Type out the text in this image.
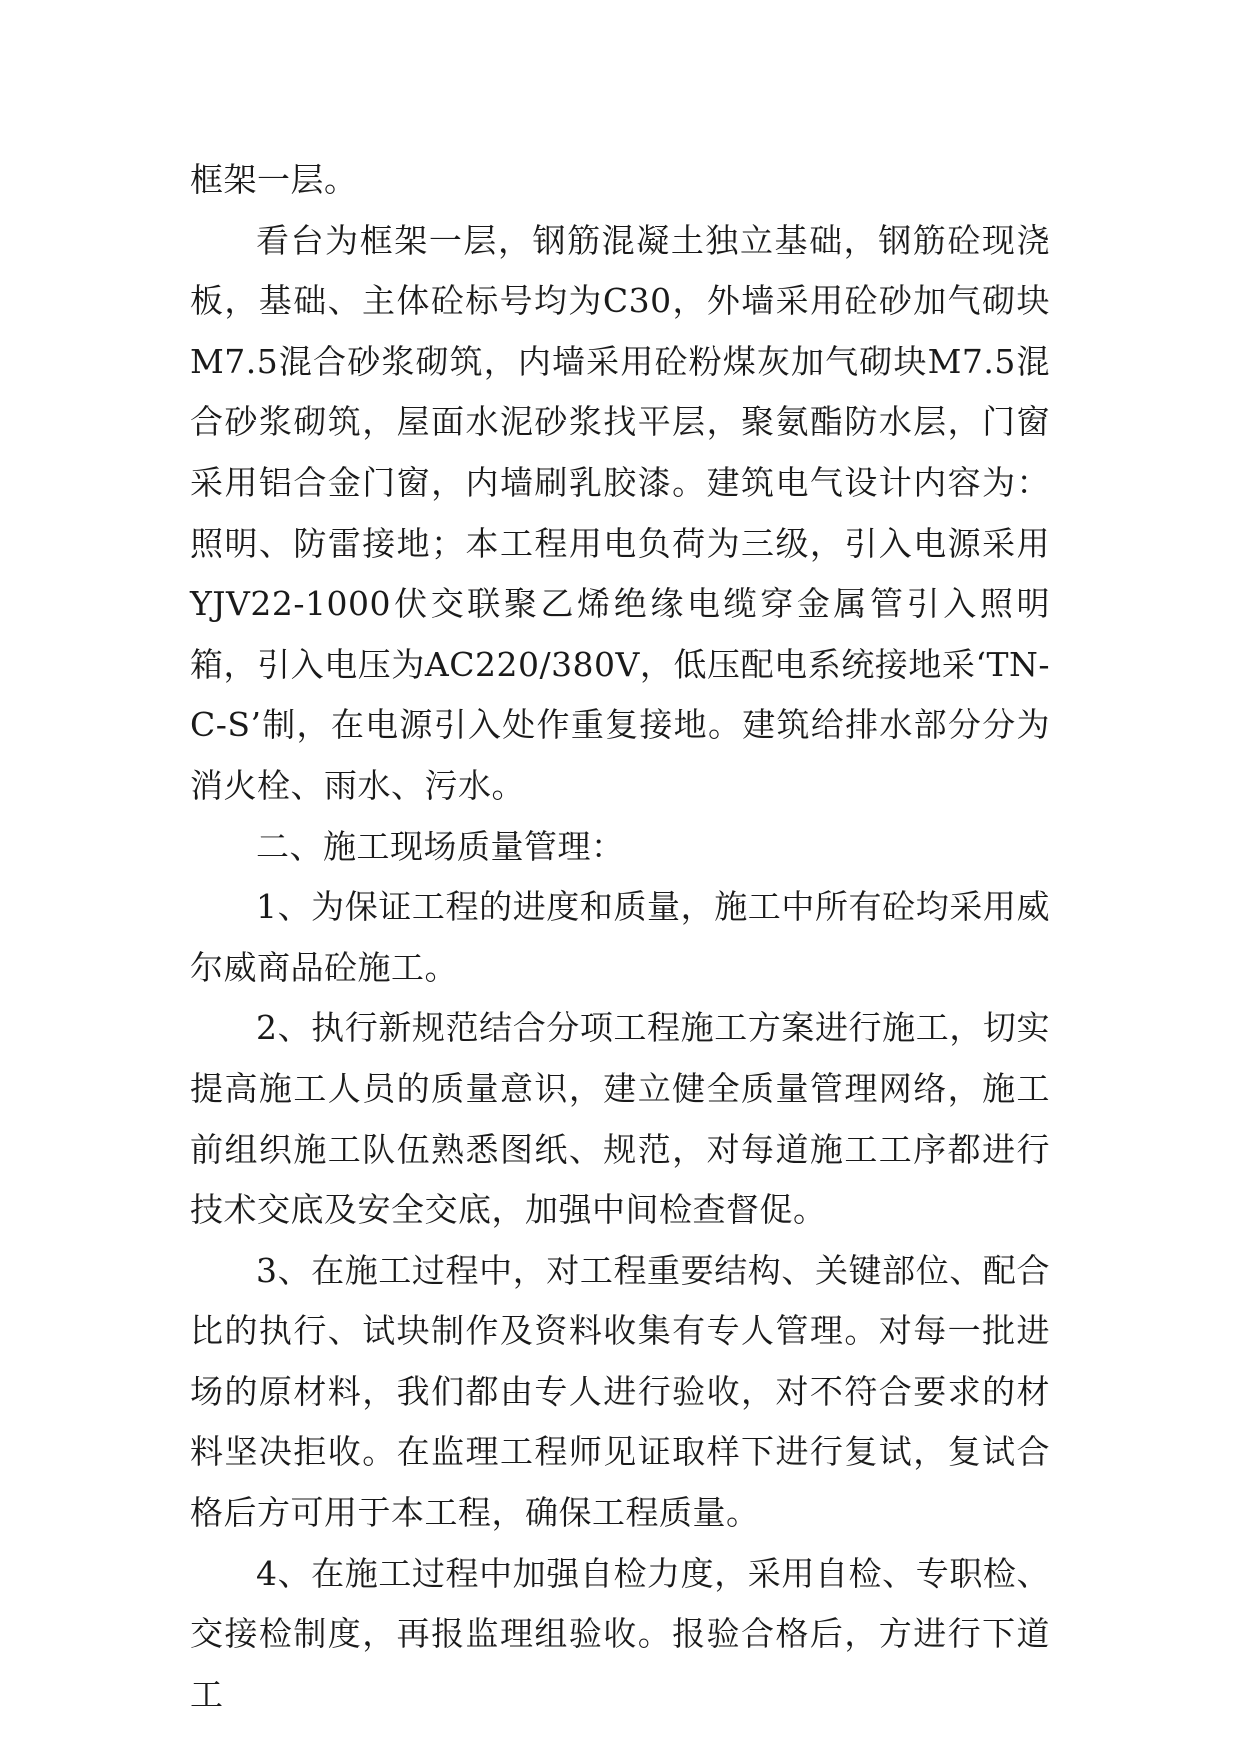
框架一层。

看台为框架一层，钢筋混凝土独立基础，钢筋砼现浇板，基础、主体砼标号均为C30，外墙采用砼砂加气砌块M7.5混合砂浆砌筑，内墙采用砼粉煤灰加气砌块M7.5混合砂浆砌筑，屋面水泥砂浆找平层，聚氨酯防水层，门窗采用铝合金门窗，内墙刷乳胶漆。建筑电气设计内容为：照明、防雷接地；本工程用电负荷为三级，引入电源采用YJV22-1000伏交联聚乙烯绝缘电缆穿金属管引入照明箱，引入电压为AC220/380V，低压配电系统接地采‘TN-C-S’制，在电源引入处作重复接地。建筑给排水部分分为消火栓、雨水、污水。

二、施工现场质量管理：

1、为保证工程的进度和质量，施工中所有砼均采用威尔威商品砼施工。

2、执行新规范结合分项工程施工方案进行施工，切实提高施工人员的质量意识，建立健全质量管理网络，施工前组织施工队伍熟悉图纸、规范，对每道施工工序都进行技术交底及安全交底，加强中间检查督促。

3、在施工过程中，对工程重要结构、关键部位、配合比的执行、试块制作及资料收集有专人管理。对每一批进场的原材料，我们都由专人进行验收，对不符合要求的材料坚决拒收。在监理工程师见证取样下进行复试，复试合格后方可用于本工程，确保工程质量。

4、在施工过程中加强自检力度，采用自检、专职检、交接检制度，再报监理组验收。报验合格后，方进行下道工
